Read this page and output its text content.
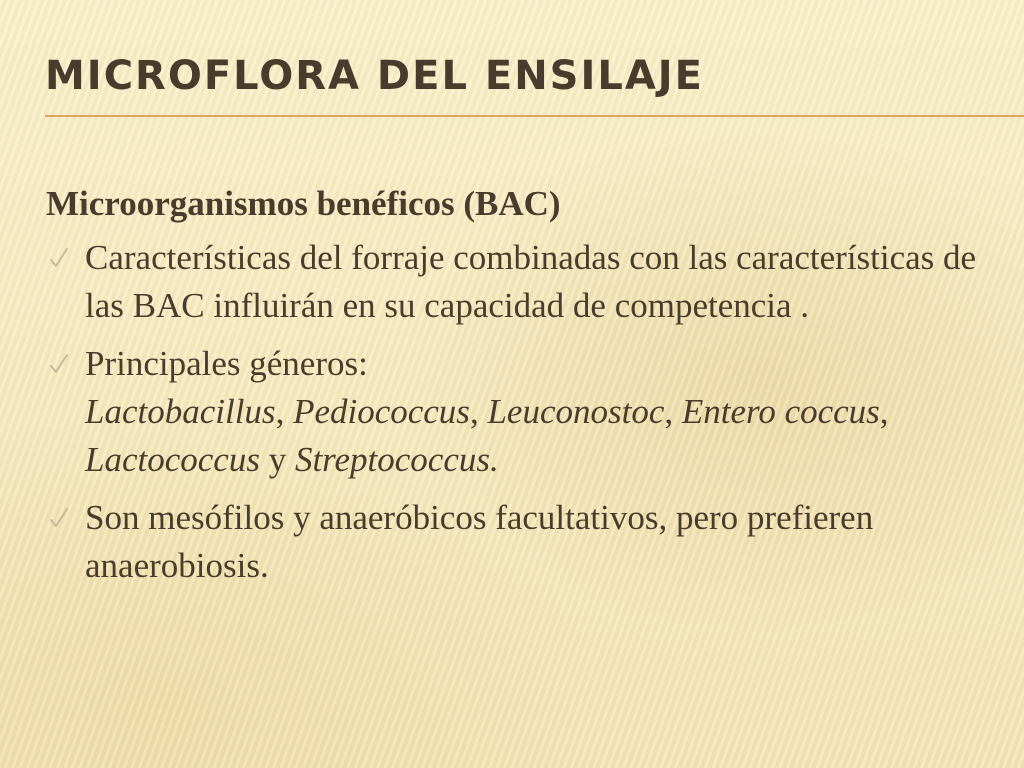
MICROFLORA DEL ENSILAJE

Microorganismos benéficos (BAC)

Características del forraje combinadas con las características de las BAC influirán en su capacidad de competencia .
Principales géneros:
Lactobacillus, Pediococcus, Leuconostoc, Entero coccus, Lactococcus y Streptococcus.
Son mesófilos y anaeróbicos facultativos, pero prefieren anaerobiosis.
